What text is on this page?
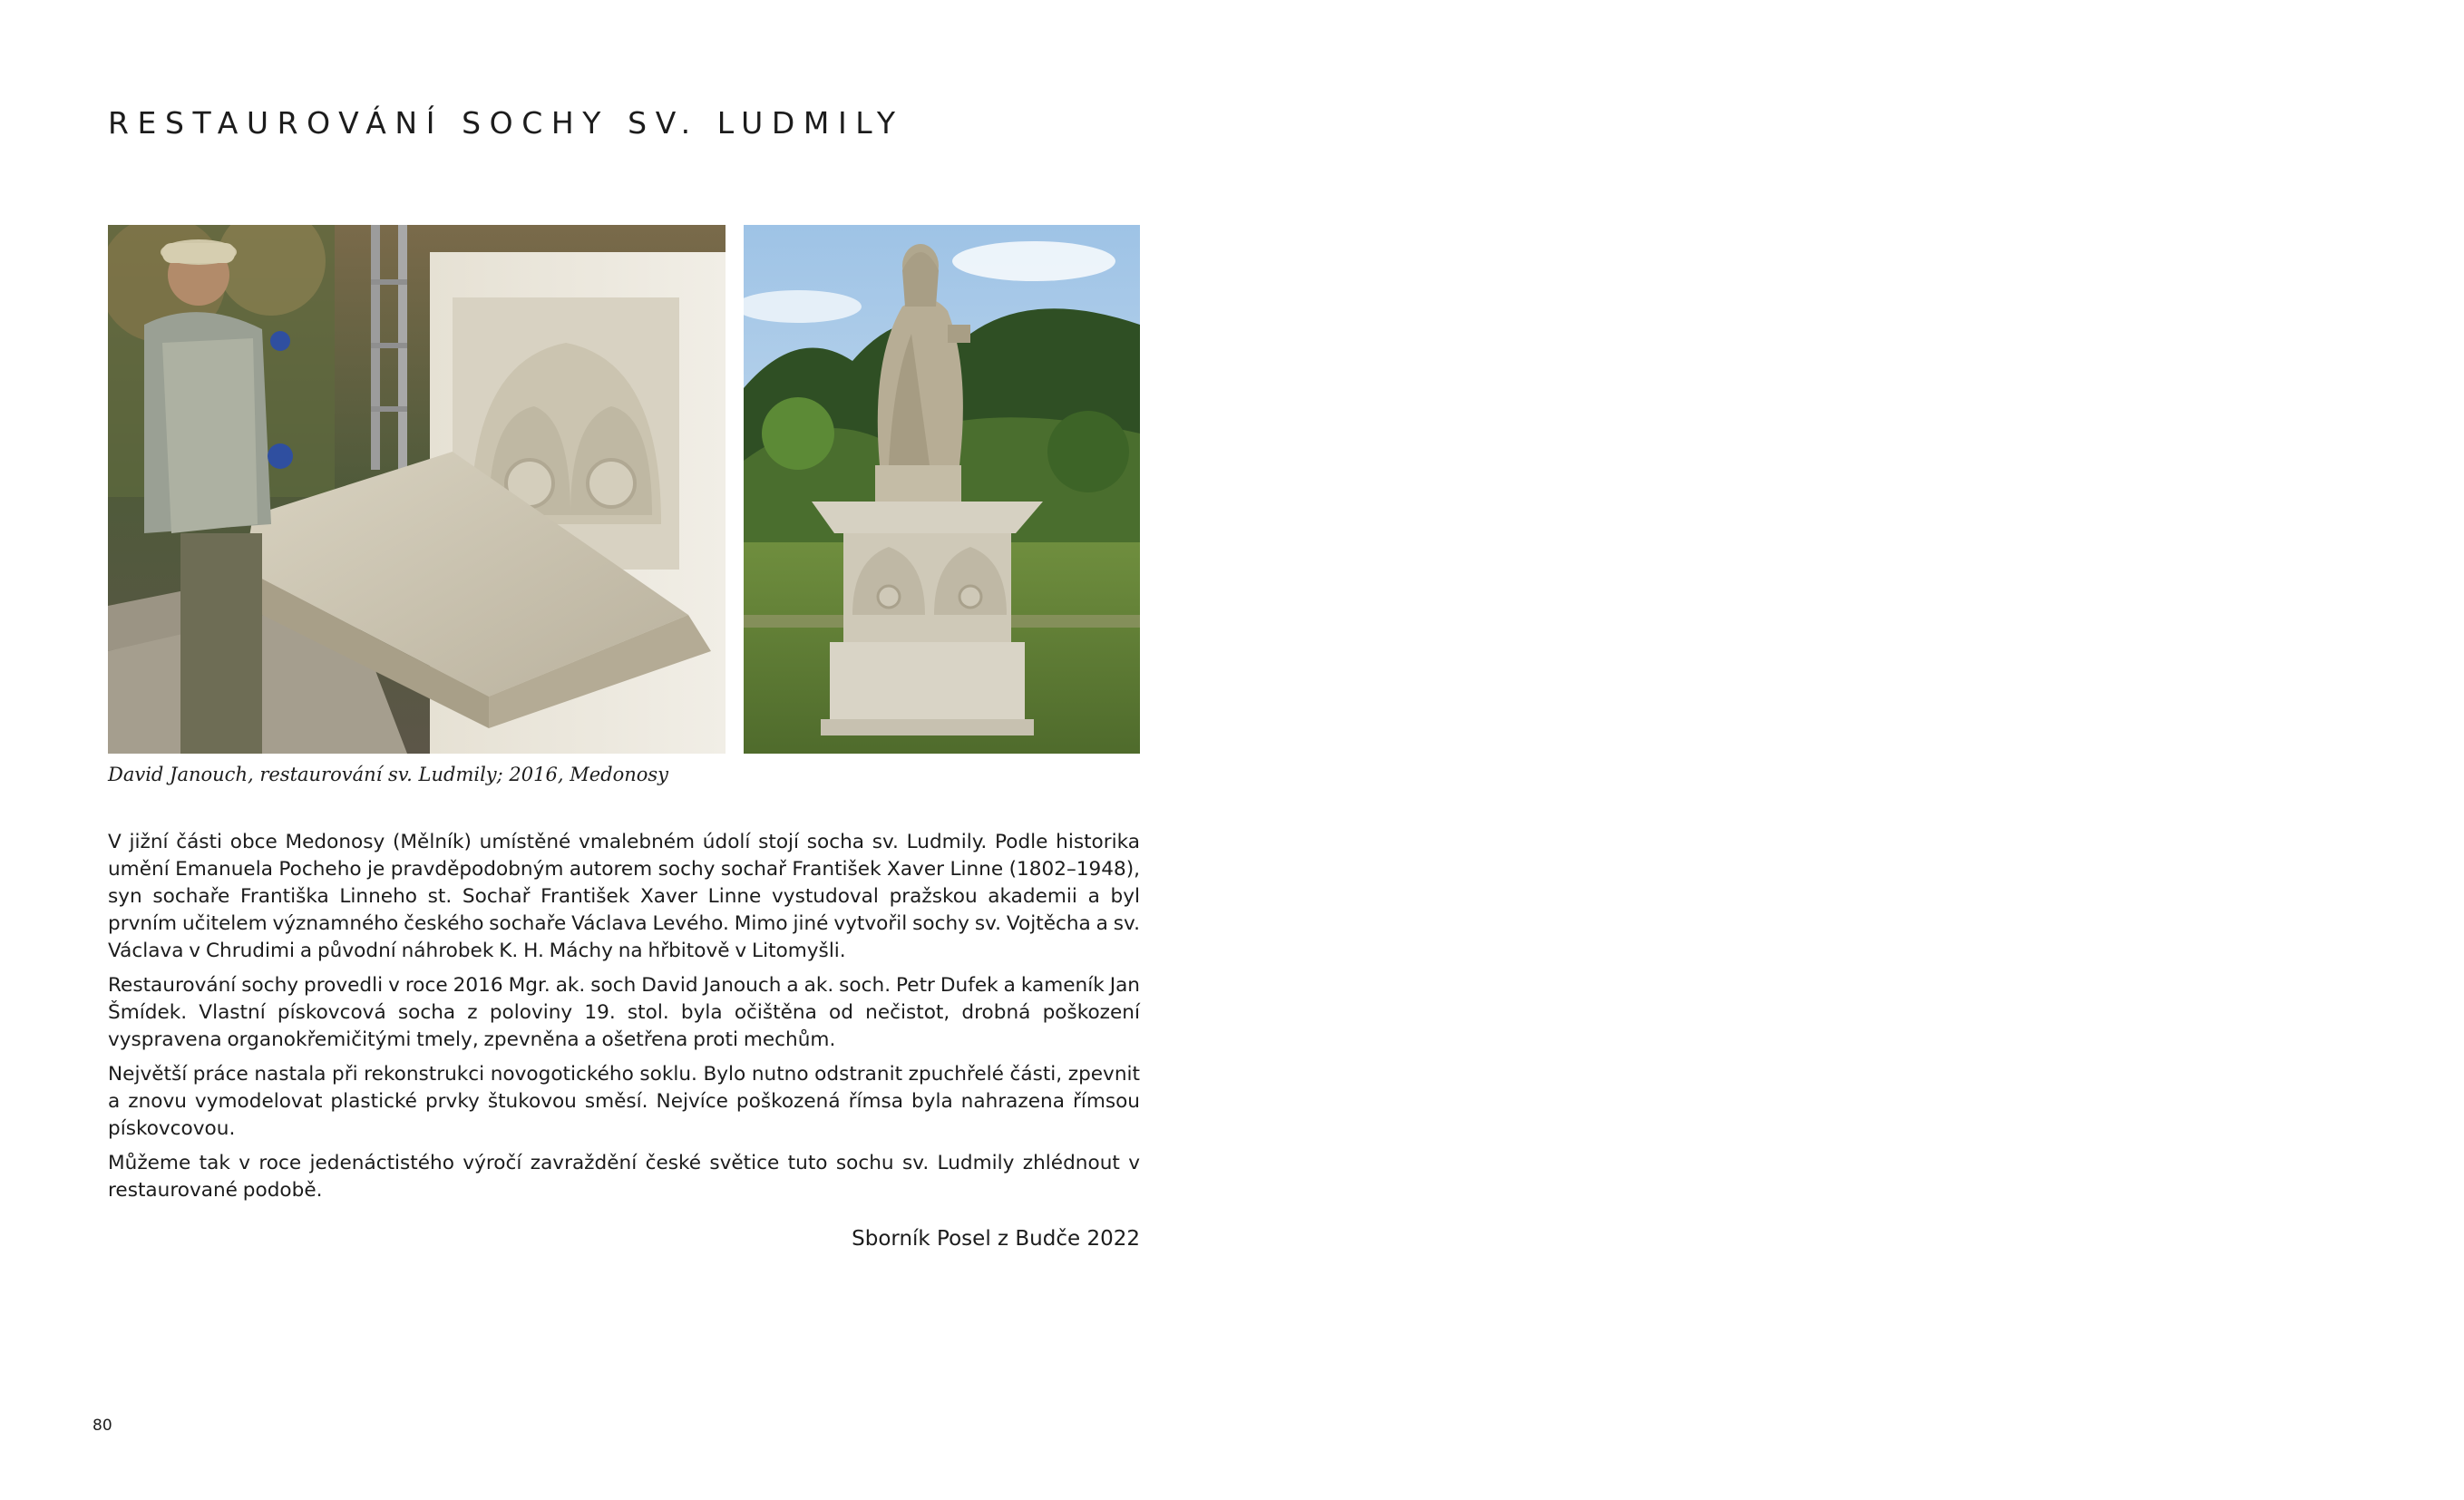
RESTAUROVÁNÍ SOCHY SV. LUDMILY

David Janouch, restaurování sv. Ludmily; 2016, Medonosy

V jižní části obce Medonosy (Mělník) umístěné vmalebném údolí stojí socha sv. Ludmily. Podle historika umění Emanuela Pocheho je pravděpodobným autorem sochy sochař František Xaver Linne (1802–1948), syn sochaře Františka Linneho st. Sochař František Xaver Linne vystudoval pražskou akademii a byl prvním učitelem významného českého sochaře Václava Levého. Mimo jiné vytvořil sochy sv. Vojtěcha a sv. Václava v Chrudimi a původní náhrobek K. H. Máchy na hřbitově v Litomyšli.

Restaurování sochy provedli v roce 2016 Mgr. ak. soch David Janouch a ak. soch. Petr Dufek a kameník Jan Šmídek. Vlastní pískovcová socha z poloviny 19. stol. byla očištěna od nečistot, drobná poškození vyspravena organokřemičitými tmely, zpevněna a ošetřena proti mechům.

Největší práce nastala při rekonstrukci novogotického soklu. Bylo nutno odstranit zpuchřelé části, zpevnit a znovu vymodelovat plastické prvky štukovou směsí. Nejvíce poškozená římsa byla nahrazena římsou pískovcovou.

Můžeme tak v roce jedenáctistého výročí zavraždění české světice tuto sochu sv. Ludmily zhlédnout v restaurované podobě.

Sborník Posel z Budče 2022
80
